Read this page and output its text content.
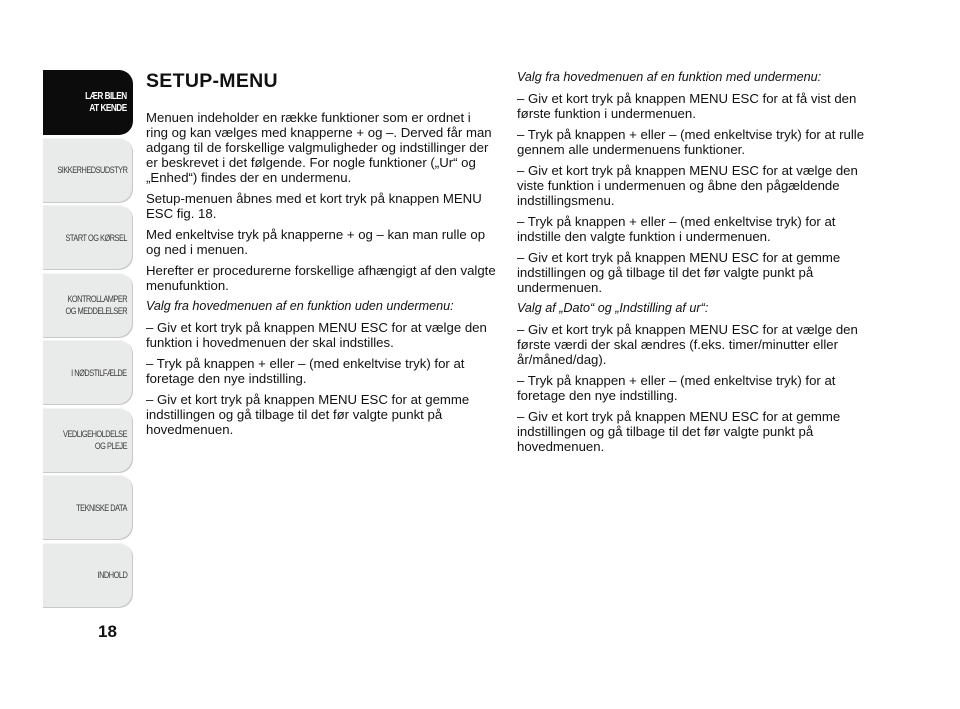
LÆR BILEN
AT KENDE
SIKKERHEDSUDSTYR
START OG KØRSEL
KONTROLLAMPER
OG MEDDELELSER
I NØDSTILFÆLDE
VEDLIGEHOLDELSE
OG PLEJE
TEKNISKE DATA
INDHOLD
18
SETUP-MENU

Menuen indeholder en række funktioner som er ordnet i ring og kan vælges med knapperne + og –. Derved får man adgang til de forskellige valgmuligheder og indstillinger der er beskrevet i det følgende. For nogle funktioner („Ur“ og „Enhed“) findes der en undermenu.

Setup-menuen åbnes med et kort tryk på knappen MENU ESC fig. 18.

Med enkeltvise tryk på knapperne + og – kan man rulle op og ned i menuen.

Herefter er procedurerne forskellige afhængigt af den valgte menufunktion.

Valg fra hovedmenuen af en funktion uden undermenu:

– Giv et kort tryk på knappen MENU ESC for at vælge den funktion i hovedmenuen der skal indstilles.

– Tryk på knappen + eller – (med enkeltvise tryk) for at foretage den nye indstilling.

– Giv et kort tryk på knappen MENU ESC for at gemme indstillingen og gå tilbage til det før valgte punkt på hovedmenuen.

Valg fra hovedmenuen af en funktion med undermenu:

– Giv et kort tryk på knappen MENU ESC for at få vist den første funktion i undermenuen.

– Tryk på knappen + eller – (med enkeltvise tryk) for at rulle gennem alle undermenuens funktioner.

– Giv et kort tryk på knappen MENU ESC for at vælge den viste funktion i undermenuen og åbne den pågældende indstillingsmenu.

– Tryk på knappen + eller – (med enkeltvise tryk) for at indstille den valgte funktion i undermenuen.

– Giv et kort tryk på knappen MENU ESC for at gemme indstillingen og gå tilbage til det før valgte punkt på undermenuen.

Valg af „Dato“ og „Indstilling af ur“:

– Giv et kort tryk på knappen MENU ESC for at vælge den første værdi der skal ændres (f.eks. timer/minutter eller år/måned/dag).

– Tryk på knappen + eller – (med enkeltvise tryk) for at foretage den nye indstilling.

– Giv et kort tryk på knappen MENU ESC for at gemme indstillingen og gå tilbage til det før valgte punkt på hovedmenuen.
